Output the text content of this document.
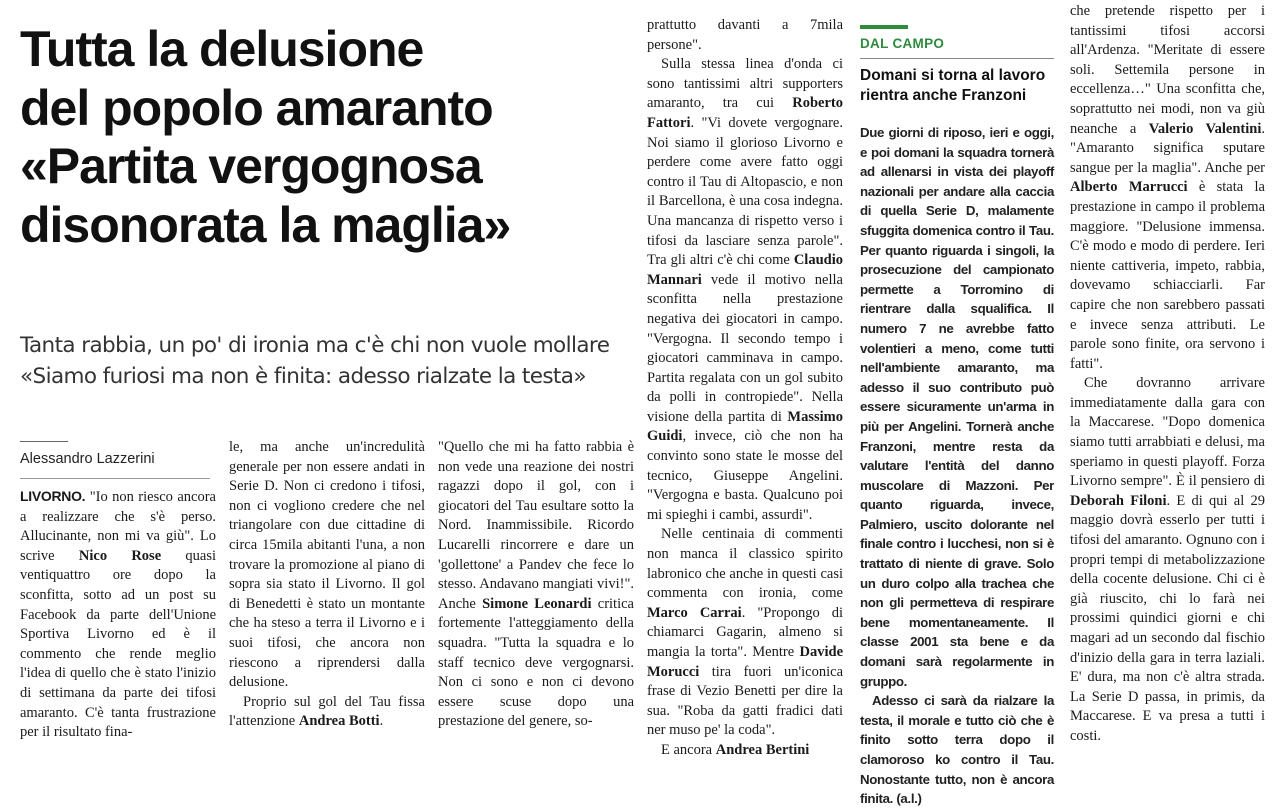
Tutta la delusione
del popolo amaranto
«Partita vergognosa
disonorata la maglia»
Tanta rabbia, un po' di ironia ma c'è chi non vuole mollare
«Siamo furiosi ma non è finita: adesso rialzate la testa»
Alessandro Lazzerini

LIVORNO. "Io non riesco ancora a realizzare che s'è perso. Allucinante, non mi va giù". Lo scrive Nico Rose quasi ventiquattro ore dopo la sconfitta, sotto ad un post su Facebook da parte dell'Unione Sportiva Livorno ed è il commento che rende meglio l'idea di quello che è stato l'inizio di settimana da parte dei tifosi amaranto. C'è tanta frustrazione per il risultato fina-

le, ma anche un'incredulità generale per non essere andati in Serie D. Non ci credono i tifosi, non ci vogliono credere che nel triangolare con due cittadine di circa 15mila abitanti l'una, a non trovare la promozione al piano di sopra sia stato il Livorno. Il gol di Benedetti è stato un montante che ha steso a terra il Livorno e i suoi tifosi, che ancora non riescono a riprendersi dalla delusione.

Proprio sul gol del Tau fissa l'attenzione Andrea Botti.

"Quello che mi ha fatto rabbia è non vede una reazione dei nostri ragazzi dopo il gol, con i giocatori del Tau esultare sotto la Nord. Inammissibile. Ricordo Lucarelli rincorrere e dare un 'gollettone' a Pandev che fece lo stesso. Andavano mangiati vivi!". Anche Simone Leonardi critica fortemente l'atteggiamento della squadra. "Tutta la squadra e lo staff tecnico deve vergognarsi. Non ci sono e non ci devono essere scuse dopo una prestazione del genere, so-

prattutto davanti a 7mila persone".

Sulla stessa linea d'onda ci sono tantissimi altri supporters amaranto, tra cui Roberto Fattori. "Vi dovete vergognare. Noi siamo il glorioso Livorno e perdere come avere fatto oggi contro il Tau di Altopascio, e non il Barcellona, è una cosa indegna. Una mancanza di rispetto verso i tifosi da lasciare senza parole". Tra gli altri c'è chi come Claudio Mannari vede il motivo nella sconfitta nella prestazione negativa dei giocatori in campo. "Vergogna. Il secondo tempo i giocatori camminava in campo. Partita regalata con un gol subito da polli in contropiede". Nella visione della partita di Massimo Guidi, invece, ciò che non ha convinto sono state le mosse del tecnico, Giuseppe Angelini. "Vergogna e basta. Qualcuno poi mi spieghi i cambi, assurdi".

Nelle centinaia di commenti non manca il classico spirito labronico che anche in questi casi commenta con ironia, come Marco Carrai. "Propongo di chiamarci Gagarin, almeno si mangia la torta". Mentre Davide Morucci tira fuori un'iconica frase di Vezio Benetti per dire la sua. "Roba da gatti fradici dati ner muso pe' la coda".

E ancora Andrea Bertini

DAL CAMPO
Domani si torna al lavoro
rientra anche Franzoni

Due giorni di riposo, ieri e oggi, e poi domani la squadra tornerà ad allenarsi in vista dei playoff nazionali per andare alla caccia di quella Serie D, malamente sfuggita domenica contro il Tau. Per quanto riguarda i singoli, la prosecuzione del campionato permette a Torromino di rientrare dalla squalifica. Il numero 7 ne avrebbe fatto volentieri a meno, come tutti nell'ambiente amaranto, ma adesso il suo contributo può essere sicuramente un'arma in più per Angelini. Tornerà anche Franzoni, mentre resta da valutare l'entità del danno muscolare di Mazzoni. Per quanto riguarda, invece, Palmiero, uscito dolorante nel finale contro i lucchesi, non si è trattato di niente di grave. Solo un duro colpo alla trachea che non gli permetteva di respirare bene momentaneamente. Il classe 2001 sta bene e da domani sarà regolarmente in gruppo.

Adesso ci sarà da rialzare la testa, il morale e tutto ciò che è finito sotto terra dopo il clamoroso ko contro il Tau. Nonostante tutto, non è ancora finita. (a.l.)

che pretende rispetto per i tantissimi tifosi accorsi all'Ardenza. "Meritate di essere soli. Settemila persone in eccellenza…" Una sconfitta che, soprattutto nei modi, non va giù neanche a Valerio Valentini. "Amaranto significa sputare sangue per la maglia". Anche per Alberto Marrucci è stata la prestazione in campo il problema maggiore. "Delusione immensa. C'è modo e modo di perdere. Ieri niente cattiveria, impeto, rabbia, dovevamo schiacciarli. Far capire che non sarebbero passati e invece senza attributi. Le parole sono finite, ora servono i fatti".

Che dovranno arrivare immediatamente dalla gara con la Maccarese. "Dopo domenica siamo tutti arrabbiati e delusi, ma speriamo in questi playoff. Forza Livorno sempre". È il pensiero di Deborah Filoni. E di qui al 29 maggio dovrà esserlo per tutti i tifosi del amaranto. Ognuno con i propri tempi di metabolizzazione della cocente delusione. Chi ci è già riuscito, chi lo farà nei prossimi quindici giorni e chi magari ad un secondo dal fischio d'inizio della gara in terra laziali. E' dura, ma non c'è altra strada. La Serie D passa, in primis, da Maccarese. E va presa a tutti i costi.
